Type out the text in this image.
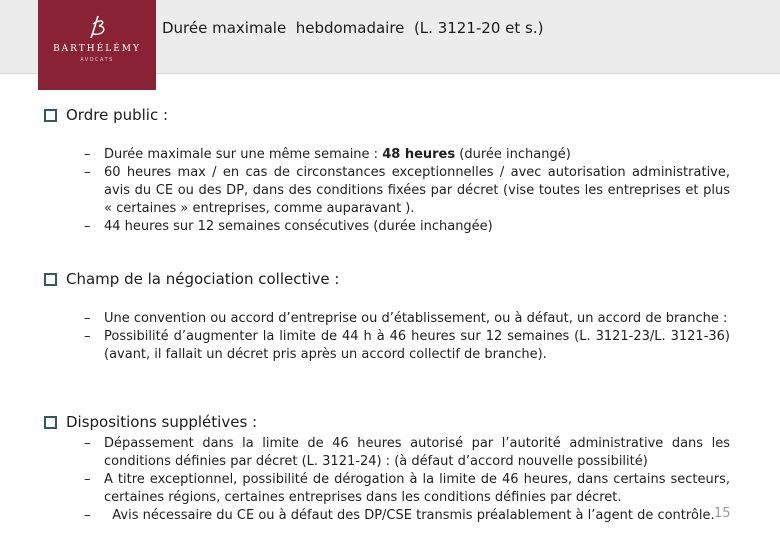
BARTHÉLÉMY
AVOCATS
Durée maximale  hebdomadaire  (L. 3121-20 et s.)
Ordre public :
– Durée maximale sur une même semaine : 48 heures (durée inchangé)
– 60 heures max / en cas de circonstances exceptionnelles / avec autorisation administrative, avis du CE ou des DP, dans des conditions fixées par décret (vise toutes les entreprises et plus « certaines » entreprises, comme auparavant ).
– 44 heures sur 12 semaines consécutives (durée inchangée)
Champ de la négociation collective :
– Une convention ou accord d’entreprise ou d’établissement, ou à défaut, un accord de branche :
– Possibilité d’augmenter la limite de 44 h à 46 heures sur 12 semaines (L. 3121-23/L. 3121-36) (avant, il fallait un décret pris après un accord collectif de branche).
Dispositions supplétives :
– Dépassement dans la limite de 46 heures autorisé par l’autorité administrative dans les conditions définies par décret (L. 3121-24) : (à défaut d’accord nouvelle possibilité)
– A titre exceptionnel, possibilité de dérogation à la limite de 46 heures, dans certains secteurs, certaines régions, certaines entreprises dans les conditions définies par décret.
– Avis nécessaire du CE ou à défaut des DP/CSE transmis préalablement à l’agent de contrôle. 15
